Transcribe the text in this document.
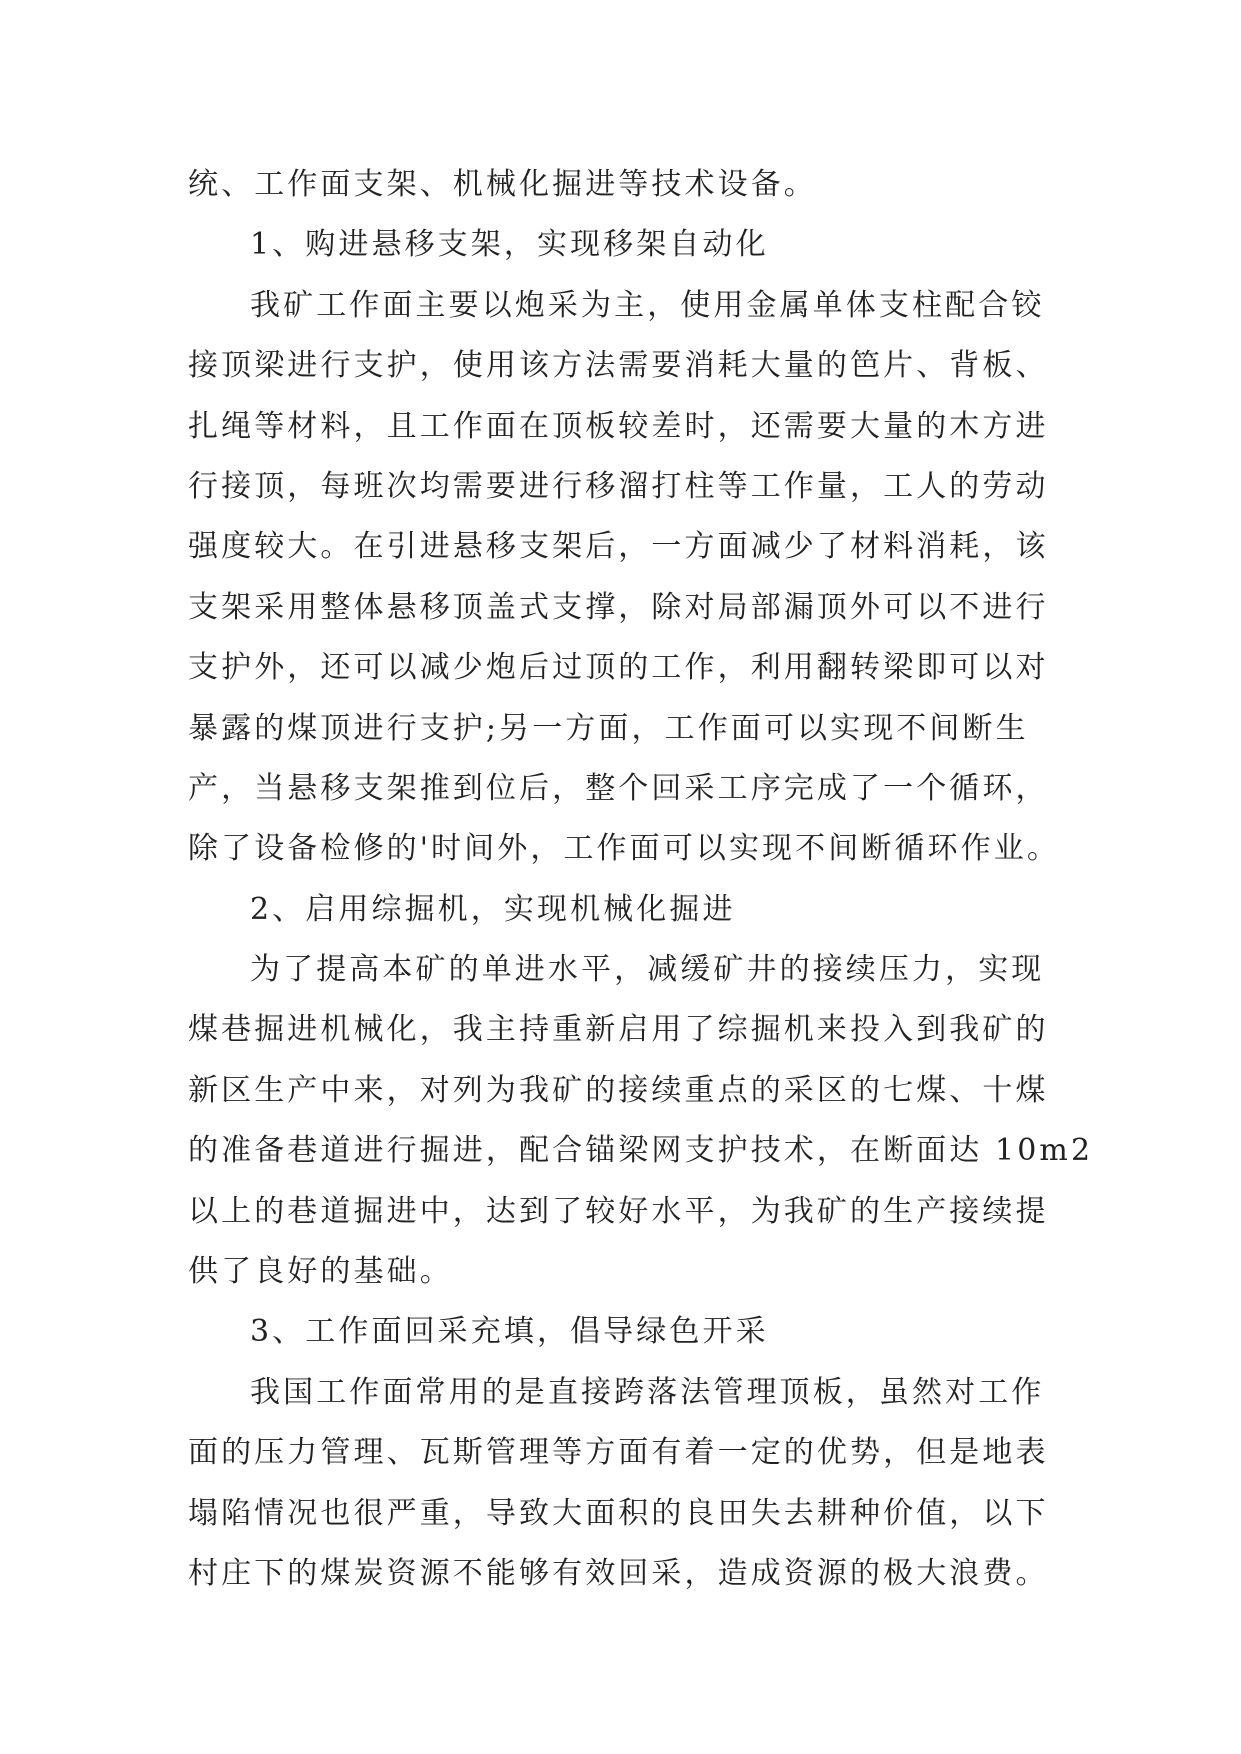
统、工作面支架、机械化掘进等技术设备。
1、购进悬移支架，实现移架自动化
我矿工作面主要以炮采为主，使用金属单体支柱配合铰
接顶梁进行支护，使用该方法需要消耗大量的笆片、背板、
扎绳等材料，且工作面在顶板较差时，还需要大量的木方进
行接顶，每班次均需要进行移溜打柱等工作量，工人的劳动
强度较大。在引进悬移支架后，一方面减少了材料消耗，该
支架采用整体悬移顶盖式支撑，除对局部漏顶外可以不进行
支护外，还可以减少炮后过顶的工作，利用翻转梁即可以对
暴露的煤顶进行支护;另一方面，工作面可以实现不间断生
产，当悬移支架推到位后，整个回采工序完成了一个循环，
除了设备检修的'时间外，工作面可以实现不间断循环作业。
2、启用综掘机，实现机械化掘进
为了提高本矿的单进水平，减缓矿井的接续压力，实现
煤巷掘进机械化，我主持重新启用了综掘机来投入到我矿的
新区生产中来，对列为我矿的接续重点的采区的七煤、十煤
的准备巷道进行掘进，配合锚梁网支护技术，在断面达 10m2
以上的巷道掘进中，达到了较好水平，为我矿的生产接续提
供了良好的基础。
3、工作面回采充填，倡导绿色开采
我国工作面常用的是直接跨落法管理顶板，虽然对工作
面的压力管理、瓦斯管理等方面有着一定的优势，但是地表
塌陷情况也很严重，导致大面积的良田失去耕种价值，以下
村庄下的煤炭资源不能够有效回采，造成资源的极大浪费。
